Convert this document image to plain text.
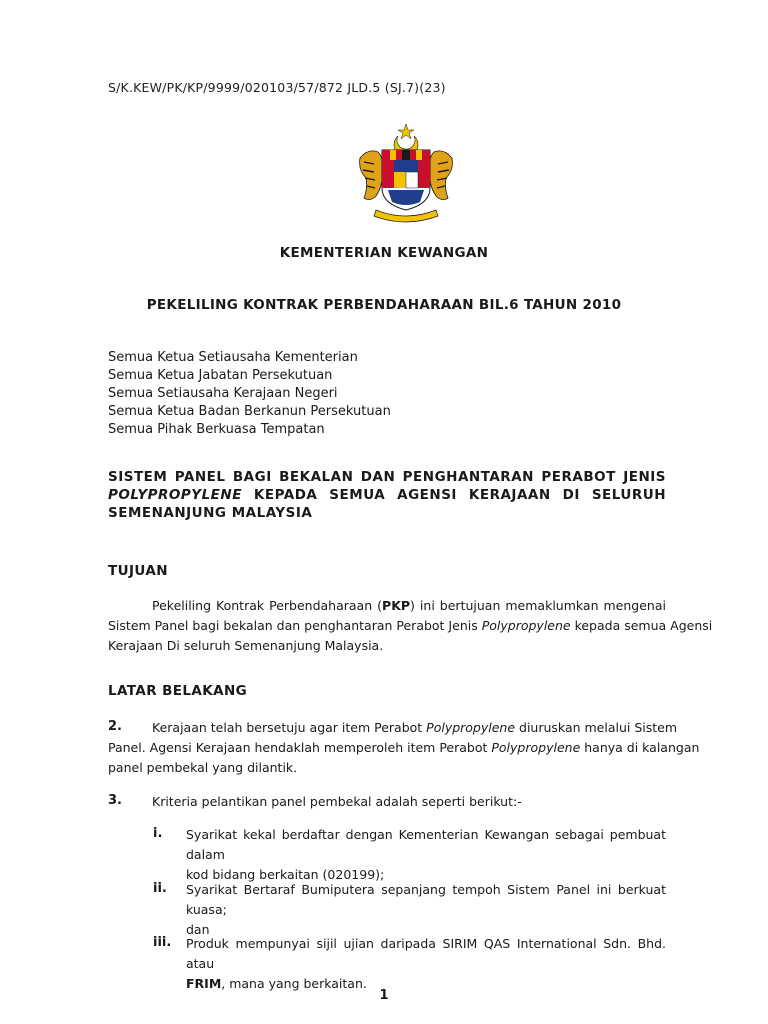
S/K.KEW/PK/KP/9999/020103/57/872 JLD.5 (SJ.7)(23)
KEMENTERIAN KEWANGAN
PEKELILING KONTRAK PERBENDAHARAAN BIL.6 TAHUN 2010
Semua Ketua Setiausaha Kementerian
Semua Ketua Jabatan Persekutuan
Semua Setiausaha Kerajaan Negeri
Semua Ketua Badan Berkanun Persekutuan
Semua Pihak Berkuasa Tempatan
SISTEM PANEL BAGI BEKALAN DAN PENGHANTARAN PERABOT JENIS
POLYPROPYLENE KEPADA SEMUA AGENSI KERAJAAN DI SELURUH
SEMENANJUNG MALAYSIA
TUJUAN
Pekeliling Kontrak Perbendaharaan (PKP) ini bertujuan memaklumkan mengenai
Sistem Panel bagi bekalan dan penghantaran Perabot Jenis Polypropylene kepada semua Agensi
Kerajaan Di seluruh Semenanjung Malaysia.
LATAR BELAKANG
2.	Kerajaan telah bersetuju agar item Perabot Polypropylene diuruskan melalui Sistem
Panel. Agensi Kerajaan hendaklah memperoleh item Perabot Polypropylene hanya di kalangan
panel pembekal yang dilantik.
3. Kriteria pelantikan panel pembekal adalah seperti berikut:-
i. Syarikat kekal berdaftar dengan Kementerian Kewangan sebagai pembuat dalam
kod bidang berkaitan (020199);
ii. Syarikat Bertaraf Bumiputera sepanjang tempoh Sistem Panel ini berkuat kuasa;
dan
iii. Produk mempunyai sijil ujian daripada SIRIM QAS International Sdn. Bhd. atau
FRIM, mana yang berkaitan.
1
